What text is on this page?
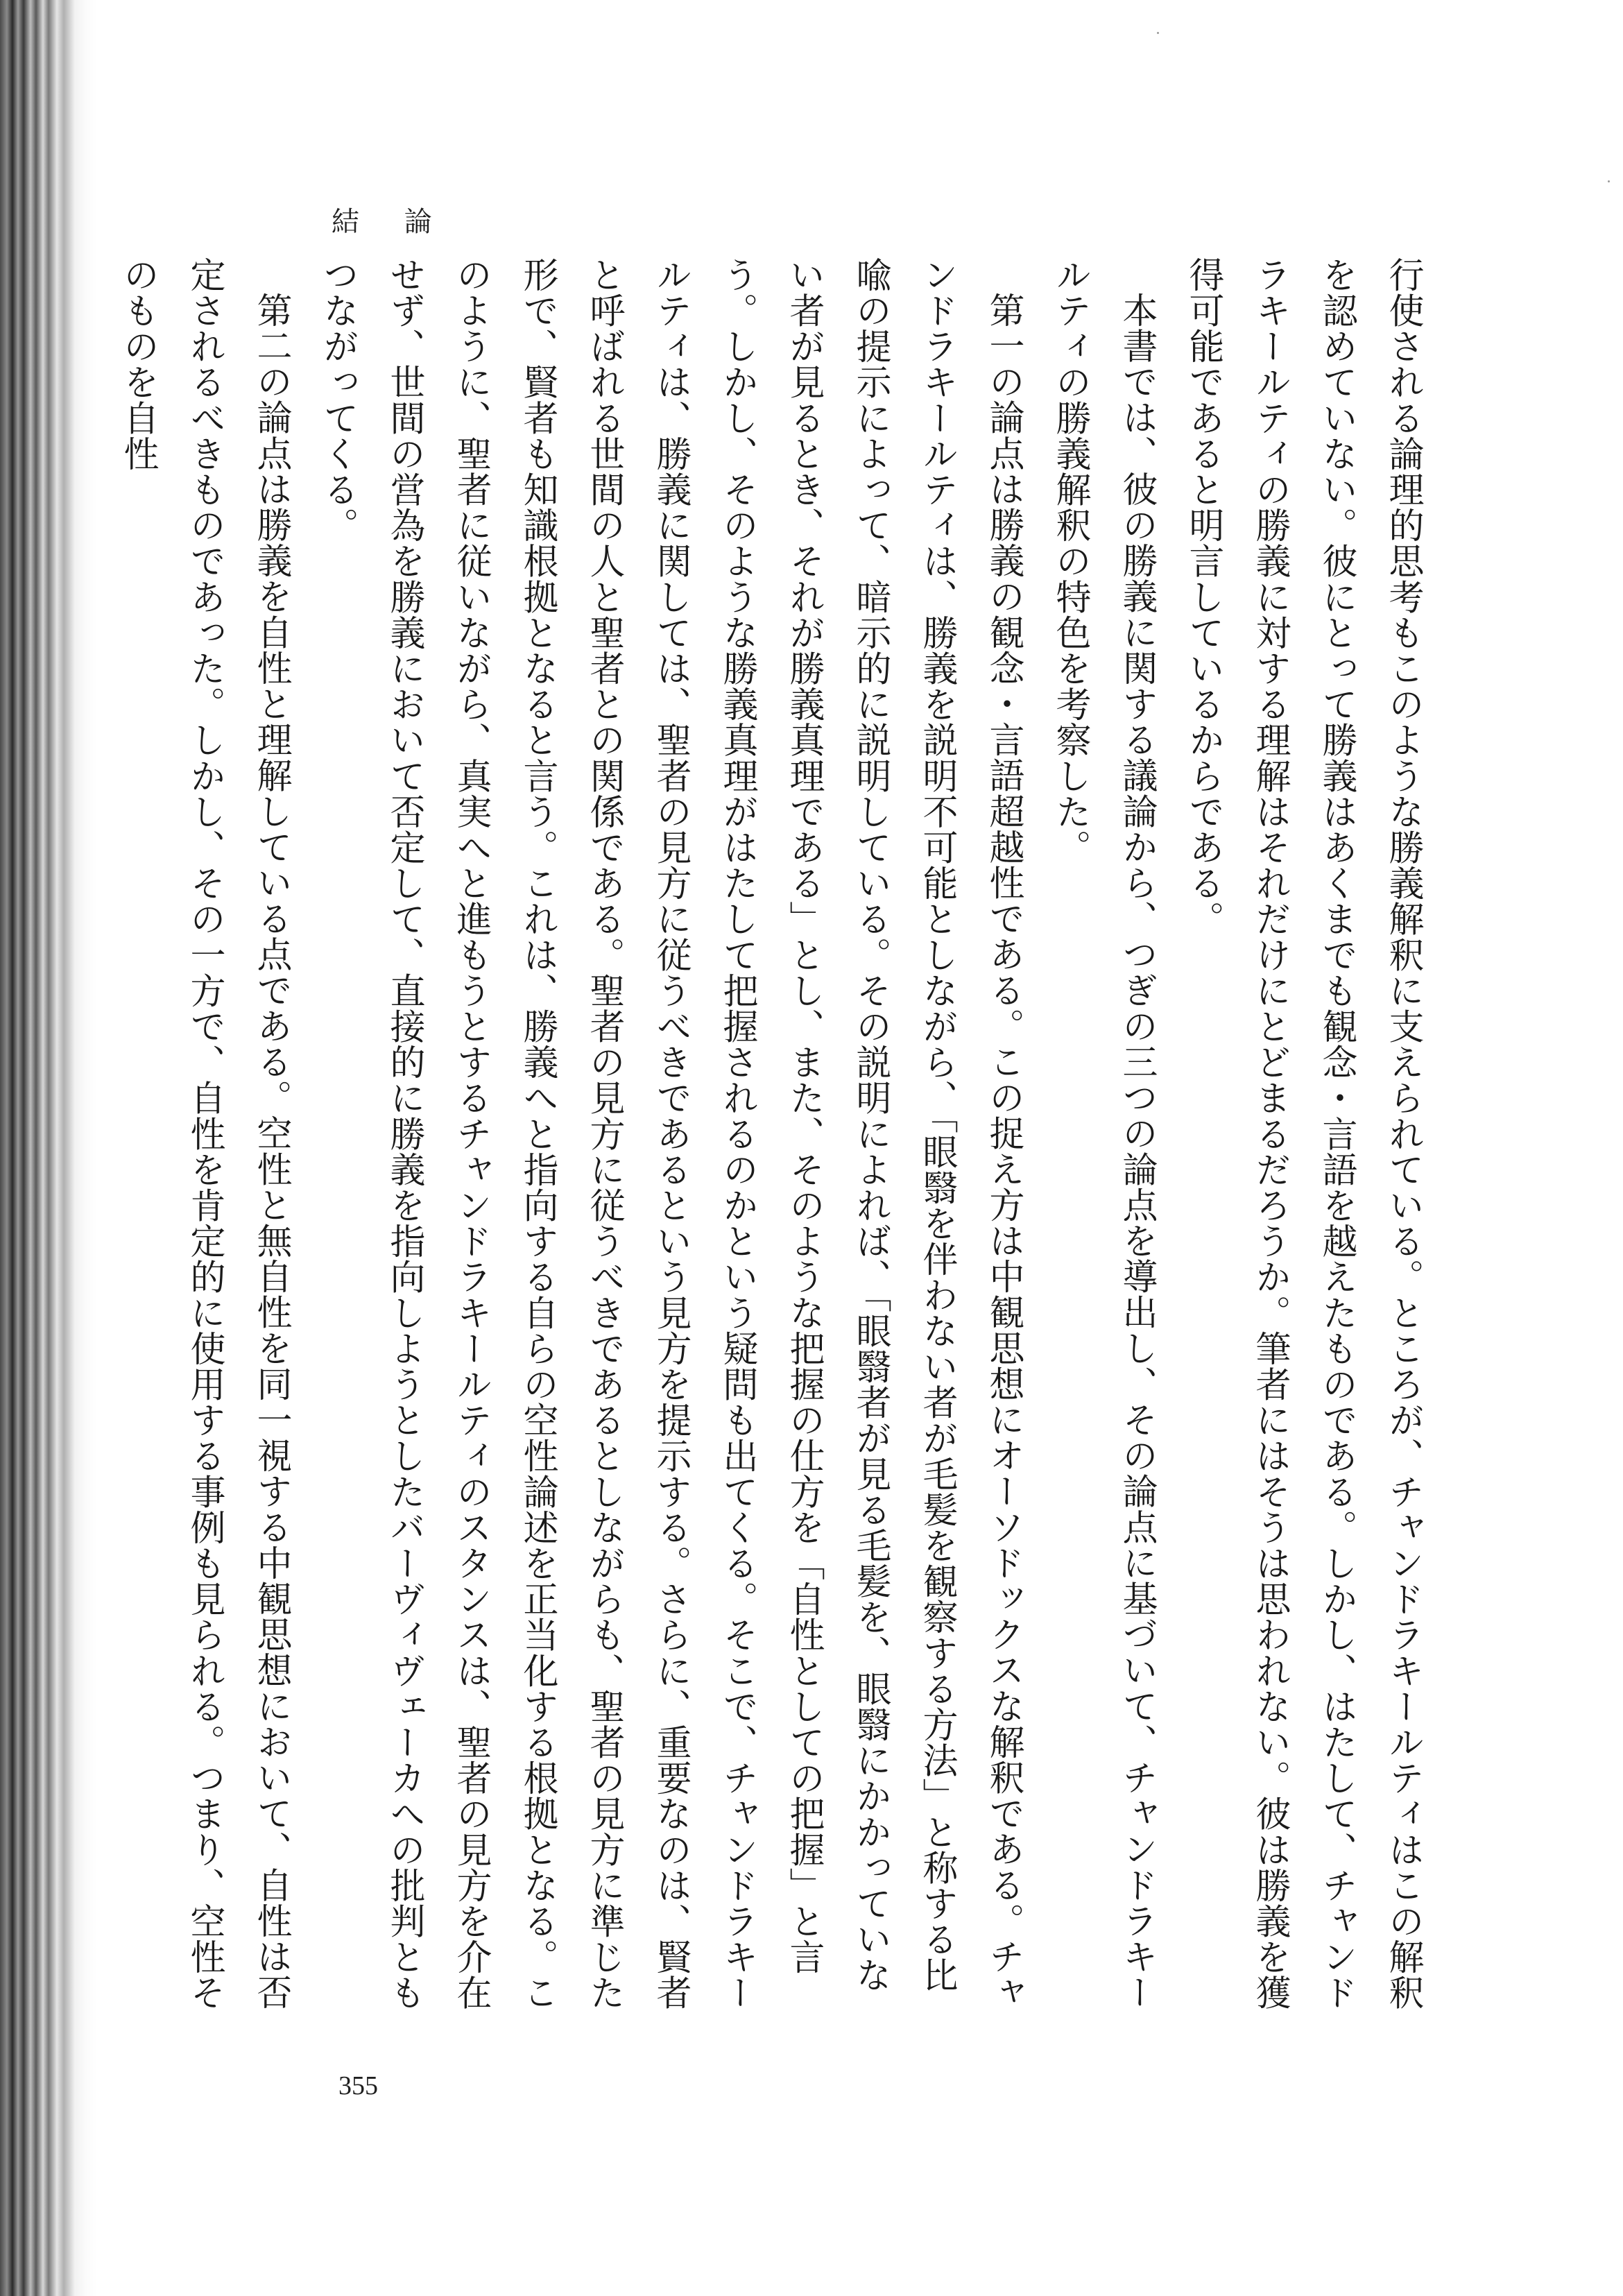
結 論

行使される論理的思考もこのような勝義解釈に支えられている。ところが、チャンドラキールティはこの解釈を認めていない。彼にとって勝義はあくまでも観念・言語を越えたものである。しかし、はたして、チャンドラキールティの勝義に対する理解はそれだけにとどまるだろうか。筆者にはそうは思われない。彼は勝義を獲得可能であると明言しているからである。

本書では、彼の勝義に関する議論から、つぎの三つの論点を導出し、その論点に基づいて、チャンドラキールティの勝義解釈の特色を考察した。

第一の論点は勝義の観念・言語超越性である。この捉え方は中観思想にオーソドックスな解釈である。チャンドラキールティは、勝義を説明不可能としながら、「眼翳を伴わない者が毛髪を観察する方法」と称する比喩の提示によって、暗示的に説明している。その説明によれば、「眼翳者が見る毛髪を、眼翳にかかっていない者が見るとき、それが勝義真理である」とし、また、そのような把握の仕方を「自性としての把握」と言う。しかし、そのような勝義真理がはたして把握されるのかという疑問も出てくる。そこで、チャンドラキールティは、勝義に関しては、聖者の見方に従うべきであるという見方を提示する。さらに、重要なのは、賢者と呼ばれる世間の人と聖者との関係である。聖者の見方に従うべきであるとしながらも、聖者の見方に準じた形で、賢者も知識根拠となると言う。これは、勝義へと指向する自らの空性論述を正当化する根拠となる。このように、聖者に従いながら、真実へと進もうとするチャンドラキールティのスタンスは、聖者の見方を介在せず、世間の営為を勝義において否定して、直接的に勝義を指向しようとしたバーヴィヴェーカへの批判ともつながってくる。

第二の論点は勝義を自性と理解している点である。空性と無自性を同一視する中観思想において、自性は否定されるべきものであった。しかし、その一方で、自性を肯定的に使用する事例も見られる。つまり、空性そのものを自性

355
